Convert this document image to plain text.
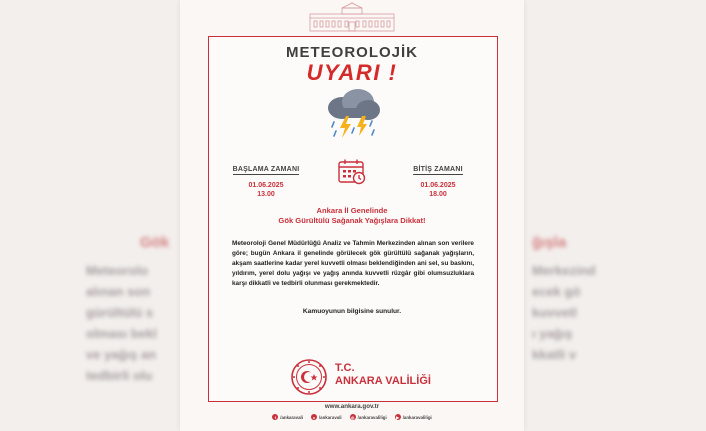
Gök
Meteorolo
alınan son
gürültülü s
olması bekl
ve yağış an
tedbirli olu
ğışla
Merkezind
ecek gö
kuvvetl
ı yağış
kkatli v
METEOROLOJİK
UYARI !
BAŞLAMA ZAMANI
01.06.2025
13.00
BİTİŞ ZAMANI
01.06.2025
18.00
Ankara İl Genelinde
Gök Gürültülü Sağanak Yağışlara Dikkat!
Meteoroloji Genel Müdürlüğü Analiz ve Tahmin Merkezinden alınan son verilere göre; bugün Ankara il genelinde görülecek gök gürültülü sağanak yağışların, akşam saatlerine kadar yerel kuvvetli olması beklendiğinden ani sel, su baskını, yıldırım, yerel dolu yağışı ve yağış anında kuvvetli rüzgâr gibi olumsuzluklara karşı dikkatli ve tedbirli olunması gerekmektedir.
Kamuoyunun bilgisine sunulur.
T.C.
ANKARA VALİLİĞİ
www.ankara.gov.tr
f /ankaravali	x /ankaravali	◎ /ankaravaliligi	▶ /ankaravaliligi
